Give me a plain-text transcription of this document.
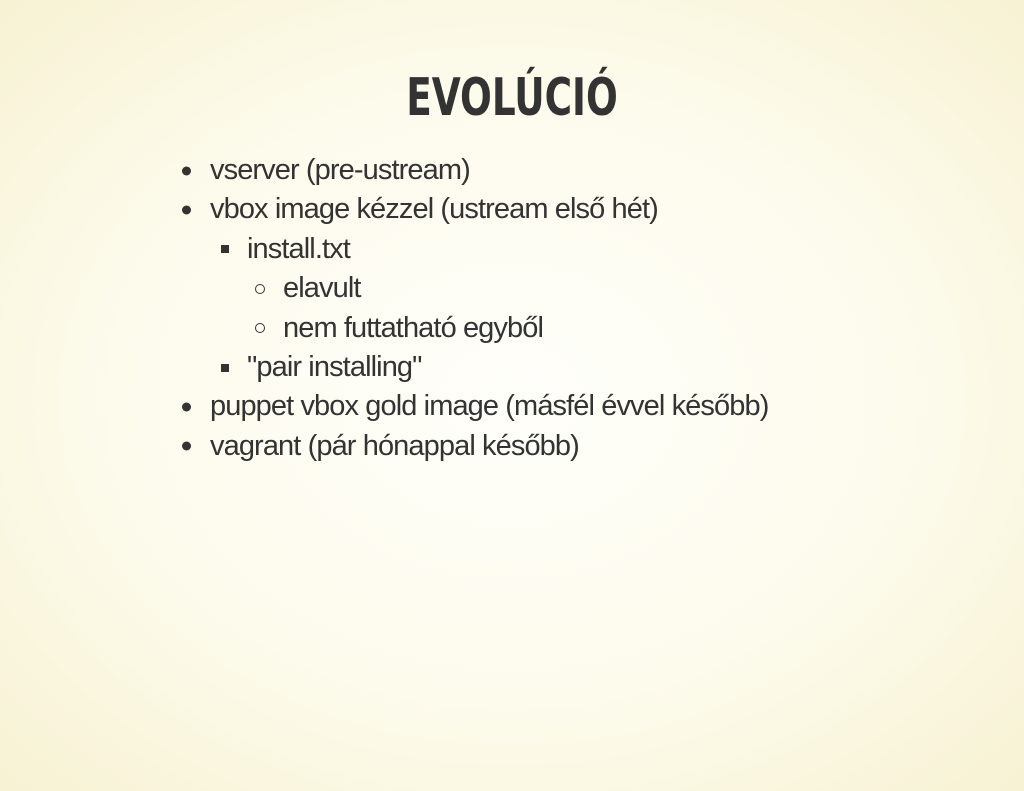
EVOLÚCIÓ
vserver (pre-ustream)
vbox image kézzel (ustream első hét)
install.txt
elavult
nem futtatható egyből
"pair installing"
puppet vbox gold image (másfél évvel később)
vagrant (pár hónappal később)
